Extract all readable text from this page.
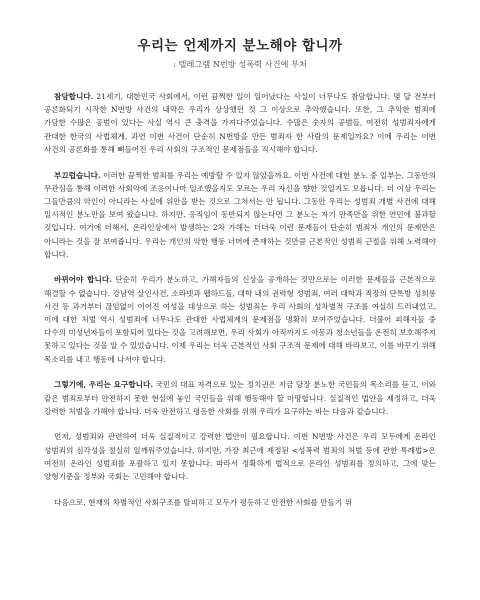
우리는 언제까지 분노해야 합니까

: 텔레그램 N번방 성폭력 사건에 부쳐

참담합니다. 21세기, 대한민국 사회에서, 이런 끔찍한 일이 일어났다는 사실이 너무나도 참담합니다. 몇 달 전부터 공론화되기 시작한 N번방 사건의 내막은 우리가 상상했던 것 그 이상으로 추악했습니다. 또한, 그 추악한 범죄에 가담한 수많은 공범이 있다는 사실 역시 큰 충격을 가져다주었습니다. 수많은 숫자의 공범들, 여전히 성범죄자에게 관대한 한국의 사법체계, 과연 이번 사건이 단순히 N번방을 만든 범죄자 한 사람의 문제일까요? 이에 우리는 이번 사건의 공론화를 통해 뼈들어진 우리 사회의 구조적인 문제점들을 직시해야 합니다.

부끄럽습니다. 이러한 끔찍한 범죄를 우리는 예방할 수 있지 않았을까요. 이번 사건에 대한 분노 중 일부는, 그동안의 무관심을 통해 이러한 사회악에 조응이나마 일조했을지도 모르는 우리 자신을 향한 것일지도 모릅니다. 더 이상 우리는 그들만큼의 악인이 아니라는 사실에 위안을 받는 것으로 그쳐서는 안 됩니다. 그동안 우리는 성범죄 개별 사건에 대해 일시적인 분노만을 보여 왔습니다. 하지만, 응직임이 동반되지 않는다면 그 분노는 자기 만족만을 위한 연민에 불과할 것입니다. 여기에 더해서, 온라인상에서 발생하는 2차 가해는 더더욱 이런 문제들이 단순히 범죄자 개인의 문제만은 아니라는 것을 잘 보여줍니다. 우리는 개인의 악한 행동 너머에 존재하는 것만큼 근본적인 성범죄 근절을 위해 노력해야 합니다.

바뀌어야 합니다. 단순히 우리가 분노하고, 가해자들의 신상을 공개하는 것만으로는 이러한 문제들을 근본적으로 해결할 수 없습니다. 강남역 살인사건, 소라넷과 웹하드들, 대학 내의 권력형 성범죄, 여러 대학과 직장의 단톡방 성희롱 사건 등 과거부터 끊임없이 이어진 여성을 대상으로 하는 성범죄는 우리 사회의 성차별적 구조를 여실히 드러내었고, 이에 대한 처벌 역시 성범죄에 너무나도 관대한 사법체계의 문제점을 명확히 보여주었습니다. 더불어 피해자들 중 다수의 미성년자들이 포함되어 있다는 것을 고려해보면, 우리 사회가 아직까지도 아동과 청소년들을 온전히 보호해주지 못하고 있다는 것을 알 수 있었습니다. 이제 우리는 더욱 근본적인 사회 구조적 문제에 대해 바라보고, 이를 바꾸기 위해 목소리를 내고 행동에 나서야 합니다.

그렇기에, 우리는 요구합니다. 국민의 대표 자격으로 있는 정치권은 지금 당장 분노한 국민들의 목소리를 듣고, 이와 같은 범죄로부터 안전하지 못한 현실에 놓인 국민들을 위해 행동해야 할 마땅합니다. 실질적인 법안을 제정하고, 더욱 강력한 처벌을 가해야 합니다. 더욱 안전하고 평등한 사회를 위해 우리가 요구하는 바는 다음과 같습니다.

먼저, 성범죄와 관련하여 더욱 실질적이고 강력한 법안이 필요합니다. 이번 N번방 사건은 우리 모두에게 온라인 성범죄의 심각성을 절실히 일깨워주었습니다. 하지만, 가장 최근에 제정된 <성폭력 범죄의 처벌 등에 관한 특례법>은 여전히 온라인 성범죄를 포괄하고 있지 못합니다. 따라서 정확하게 법적으로 온라인 성범죄를 정의하고, 그에 맞는 양형기준을 정부와 국회는 고민해야 합니다.

다음으로, 현재의 차별적인 사회구조를 탈피하고 모두가 평등하고 안전한 사회를 만들기 위
